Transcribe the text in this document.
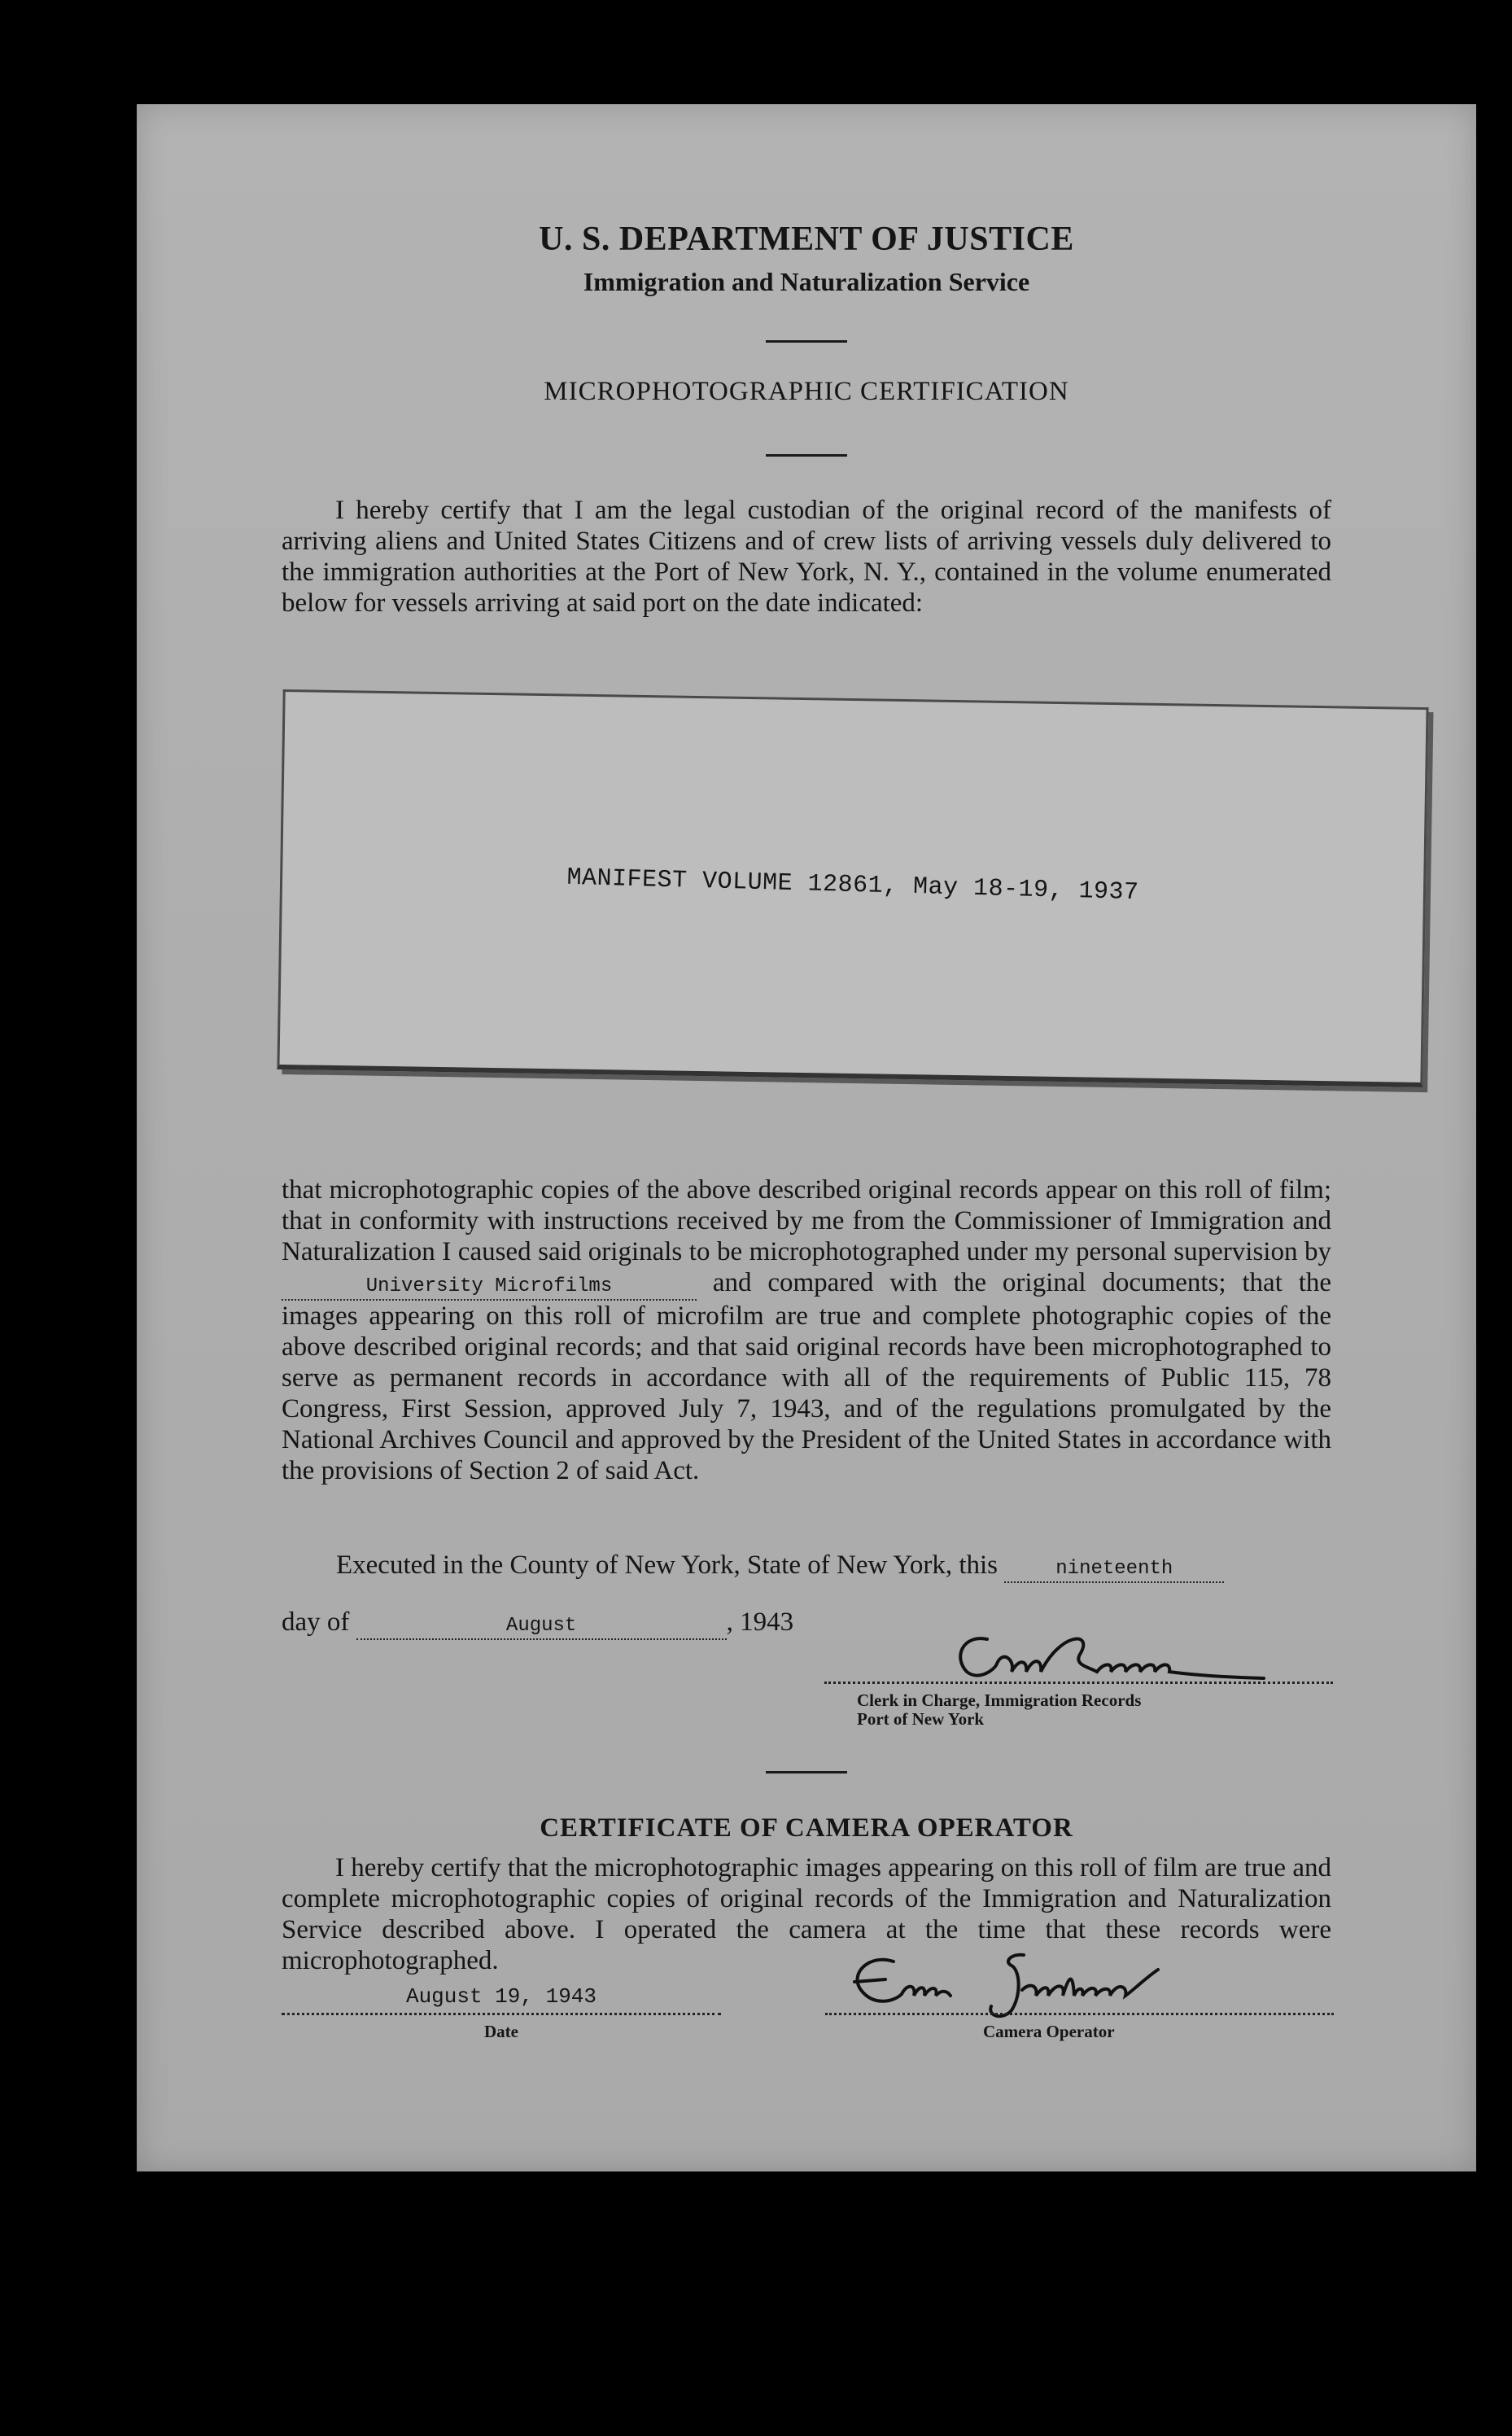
U. S. DEPARTMENT OF JUSTICE
Immigration and Naturalization Service
MICROPHOTOGRAPHIC CERTIFICATION
I hereby certify that I am the legal custodian of the original record of the manifests of arriving aliens and United States Citizens and of crew lists of arriving vessels duly delivered to the immigration authorities at the Port of New York, N. Y., contained in the volume enumerated below for vessels arriving at said port on the date indicated:
MANIFEST VOLUME 12861, May 18-19, 1937
that microphotographic copies of the above described original records appear on this roll of film; that in conformity with instructions received by me from the Commissioner of Immigration and Naturalization I caused said originals to be microphotographed under my personal supervision by University Microfilms	and compared with the original documents; that the images appearing on this roll of microfilm are true and complete photographic copies of the above described original records; and that said original records have been microphotographed to serve as permanent records in accordance with all of the requirements of Public 115, 78 Congress, First Session, approved July 7, 1943, and of the regulations promulgated by the National Archives Council and approved by the President of the United States in accordance with the provisions of Section 2 of said Act.
Executed in the County of New York, State of New York, this	nineteenth
day of	August	, 1943
Clerk in Charge, Immigration Records
Port of New York
CERTIFICATE OF CAMERA OPERATOR
I hereby certify that the microphotographic images appearing on this roll of film are true and complete microphotographic copies of original records of the Immigration and Naturalization Service described above. I operated the camera at the time that these records were microphotographed.
August 19, 1943
Date	Camera Operator
